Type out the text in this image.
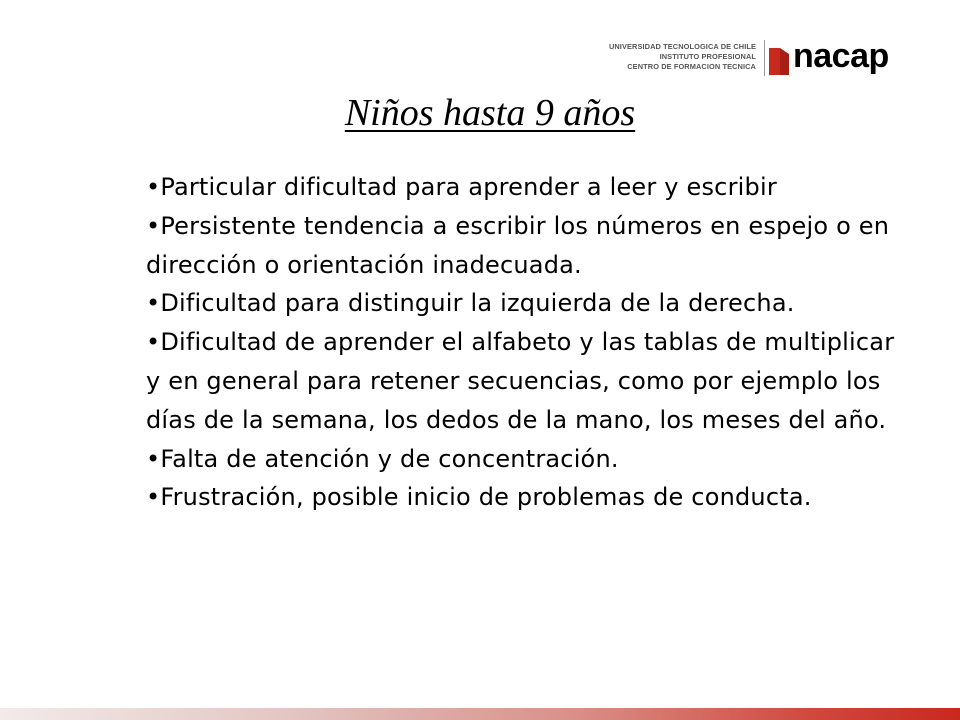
UNIVERSIDAD TECNOLOGICA DE CHILE
INSTITUTO PROFESIONAL
CENTRO DE FORMACION TECNICA nacap
Niños hasta 9 años
•Particular dificultad para aprender a leer y escribir
•Persistente tendencia a escribir los números en espejo o en dirección o orientación inadecuada.
•Dificultad para distinguir la izquierda de la derecha.
•Dificultad de aprender el alfabeto y las tablas de multiplicar y en general para retener secuencias, como por ejemplo los días de la semana, los dedos de la mano, los meses del año.
•Falta de atención y de concentración.
•Frustración, posible inicio de problemas de conducta.
